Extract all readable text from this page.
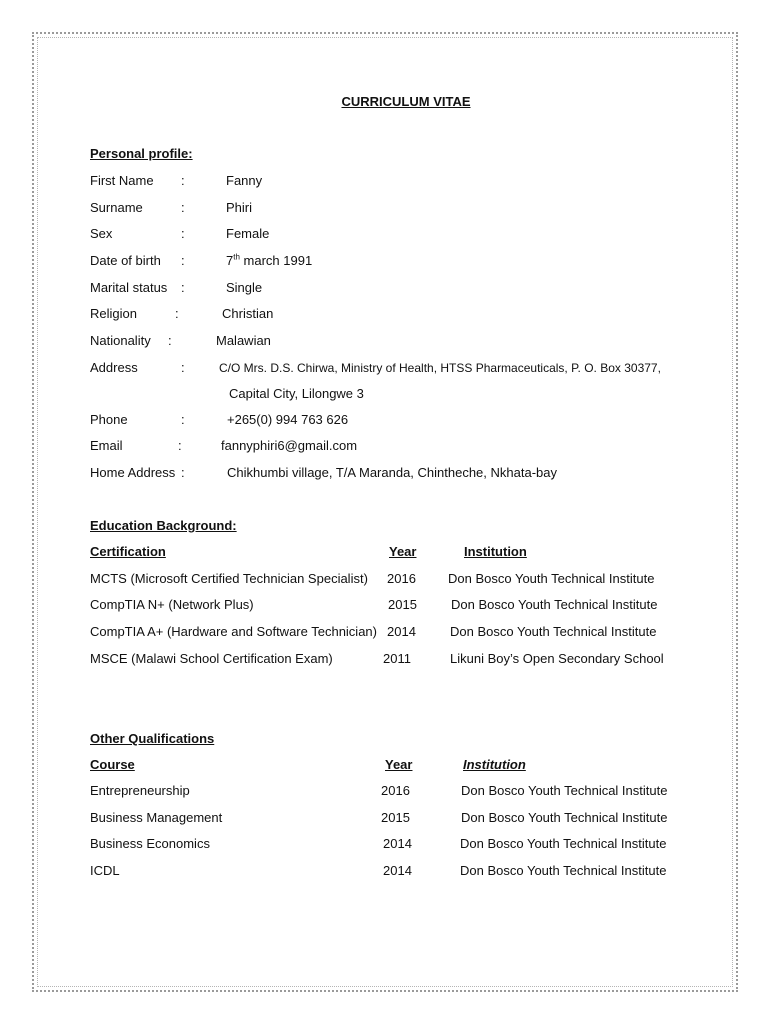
CURRICULUM VITAE
Personal profile:
First Name :	Fanny
Surname	:	Phiri
Sex	:	Female
Date of birth :	7th march 1991
Marital status :	Single
Religion	:	Christian
Nationality :	Malawian
Address	:	C/O Mrs. D.S. Chirwa, Ministry of Health, HTSS Pharmaceuticals, P. O. Box 30377,
Capital City, Lilongwe 3
Phone	:	+265(0) 994 763 626
Email	:	fannyphiri6@gmail.com
Home Address :	Chikhumbi village, T/A Maranda, Chintheche, Nkhata-bay
Education Background:
Certification	Year	Institution
MCTS (Microsoft Certified Technician Specialist) 2016 Don Bosco Youth Technical Institute
CompTIA N+ (Network Plus)	2015	Don Bosco Youth Technical Institute
CompTIA A+ (Hardware and Software Technician) 2014	Don Bosco Youth Technical Institute
MSCE (Malawi School Certification Exam)	2011	Likuni Boy’s Open Secondary School
Other Qualifications
Course	Year	Institution
Entrepreneurship	2016	Don Bosco Youth Technical Institute
Business Management	2015	Don Bosco Youth Technical Institute
Business Economics	2014	Don Bosco Youth Technical Institute
ICDL	2014	Don Bosco Youth Technical Institute
